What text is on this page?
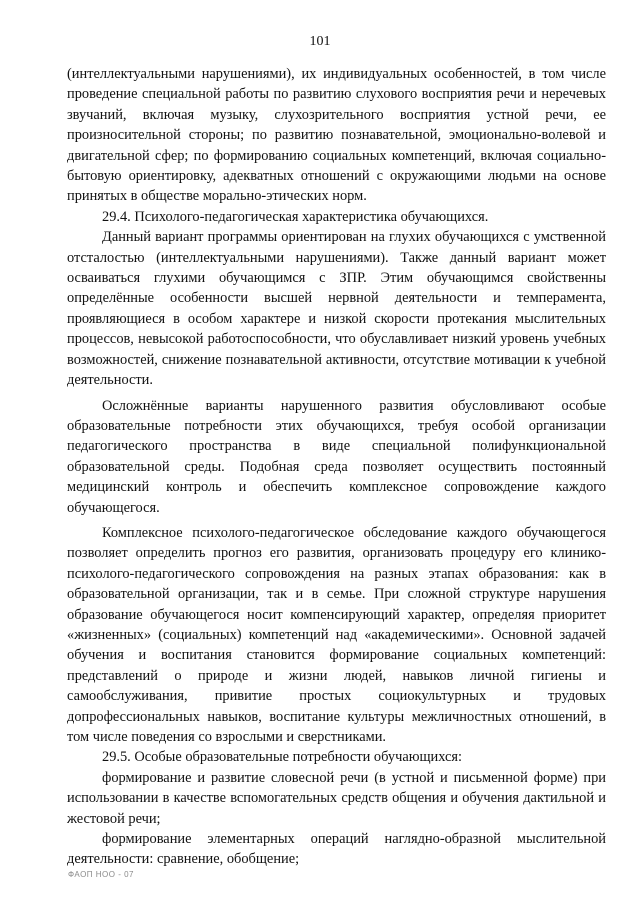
101

(интеллектуальными нарушениями), их индивидуальных особенностей, в том числе проведение специальной работы по развитию слухового восприятия речи и неречевых звучаний, включая музыку, слухозрительного восприятия устной речи, ее произносительной стороны; по развитию познавательной, эмоционально-волевой и двигательной сфер; по формированию социальных компетенций, включая социально-бытовую ориентировку, адекватных отношений с окружающими людьми на основе принятых в обществе морально-этических норм.

29.4. Психолого-педагогическая характеристика обучающихся.

Данный вариант программы ориентирован на глухих обучающихся с умственной отсталостью (интеллектуальными нарушениями). Также данный вариант может осваиваться глухими обучающимся с ЗПР. Этим обучающимся свойственны определённые особенности высшей нервной деятельности и темперамента, проявляющиеся в особом характере и низкой скорости протекания мыслительных процессов, невысокой работоспособности, что обуславливает низкий уровень учебных возможностей, снижение познавательной активности, отсутствие мотивации к учебной деятельности.

Осложнённые варианты нарушенного развития обусловливают особые образовательные потребности этих обучающихся, требуя особой организации педагогического пространства в виде специальной полифункциональной образовательной среды. Подобная среда позволяет осуществить постоянный медицинский контроль и обеспечить комплексное сопровождение каждого обучающегося.

Комплексное психолого-педагогическое обследование каждого обучающегося позволяет определить прогноз его развития, организовать процедуру его клинико-психолого-педагогического сопровождения на разных этапах образования: как в образовательной организации, так и в семье. При сложной структуре нарушения образование обучающегося носит компенсирующий характер, определяя приоритет «жизненных» (социальных) компетенций над «академическими». Основной задачей обучения и воспитания становится формирование социальных компетенций: представлений о природе и жизни людей, навыков личной гигиены и самообслуживания, привитие простых социокультурных и трудовых допрофессиональных навыков, воспитание культуры межличностных отношений, в том числе поведения со взрослыми и сверстниками.

29.5. Особые образовательные потребности обучающихся:

формирование и развитие словесной речи (в устной и письменной форме) при использовании в качестве вспомогательных средств общения и обучения дактильной и жестовой речи;

формирование элементарных операций наглядно-образной мыслительной деятельности: сравнение, обобщение;

ФАОП НОО - 07
